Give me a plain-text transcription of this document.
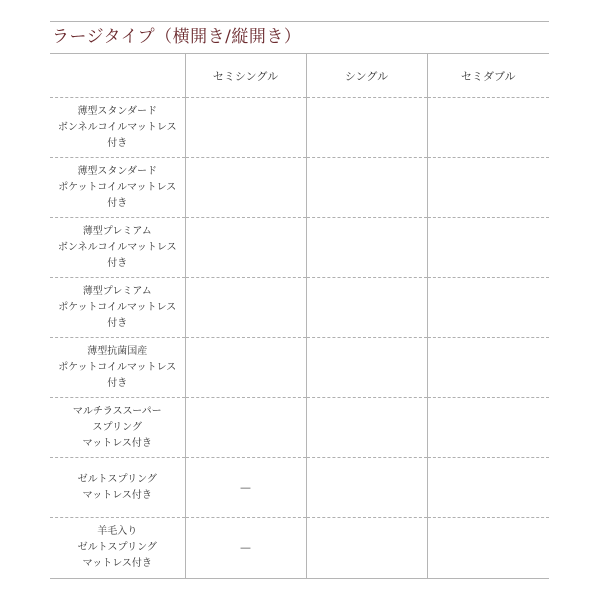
ラージタイプ（横開き/縦開き）
	セミシングル	シングル	セミダブル

薄型スタンダード
ボンネルコイルマットレス
付き			

薄型スタンダード
ポケットコイルマットレス
付き			

薄型プレミアム
ボンネルコイルマットレス
付き			

薄型プレミアム
ポケットコイルマットレス
付き			

薄型抗菌国産
ポケットコイルマットレス
付き			

マルチラススーパー
スプリング
マットレス付き			

ゼルトスプリング
マットレス付き	—		

羊毛入り
ゼルトスプリング
マットレス付き	—		
